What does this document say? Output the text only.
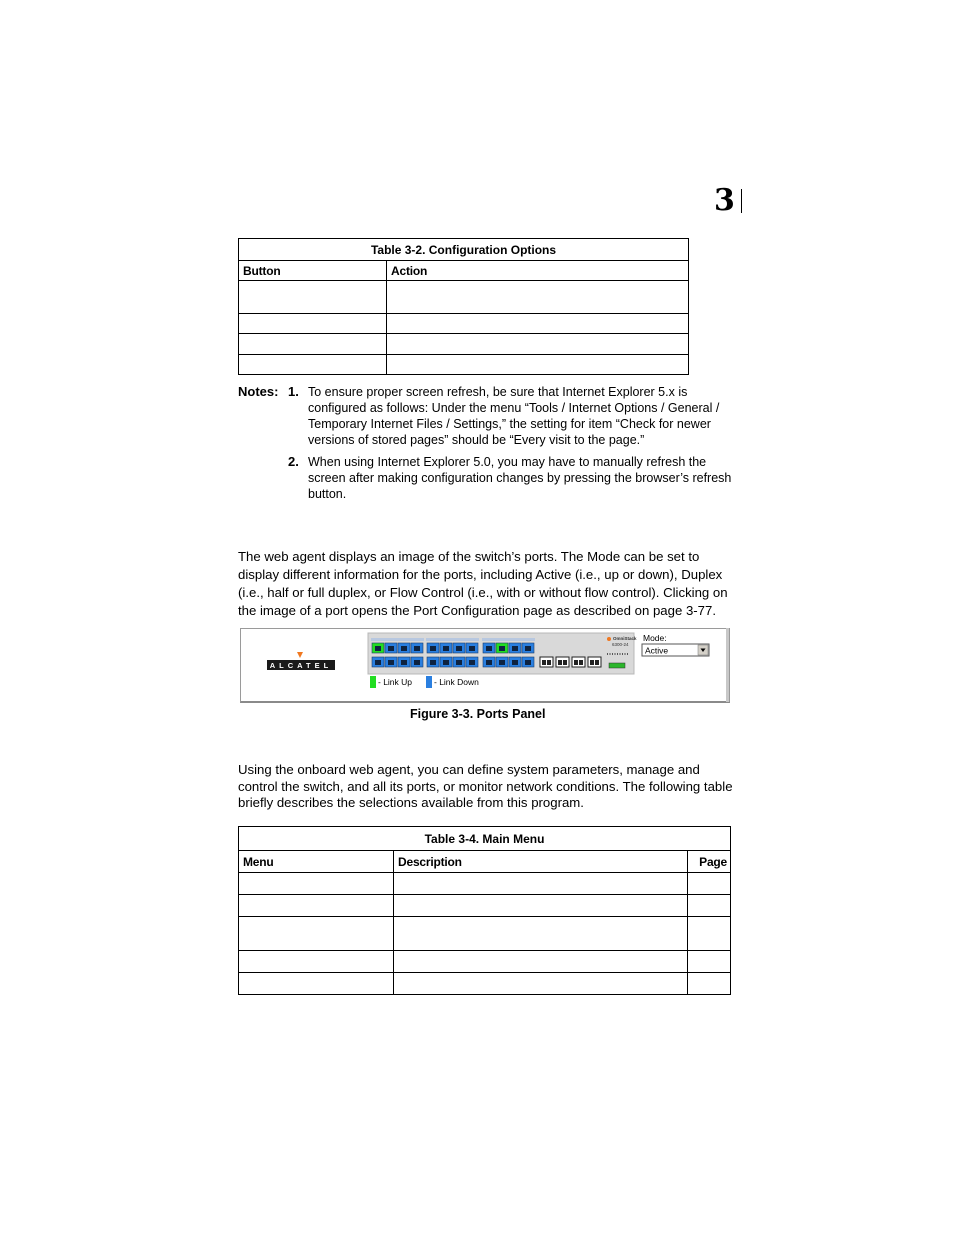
3
Table 3-2. Configuration Options	
Button	Action

Notes: 1. To ensure proper screen refresh, be sure that Internet Explorer 5.x is configured as follows: Under the menu “Tools / Internet Options / General / Temporary Internet Files / Settings,” the setting for item “Check for newer versions of stored pages” should be “Every visit to the page.”
2. When using Internet Explorer 5.0, you may have to manually refresh the screen after making configuration changes by pressing the browser’s refresh button.
The web agent displays an image of the switch’s ports. The Mode can be set to display different information for the ports, including Active (i.e., up or down), Duplex (i.e., half or full duplex, or Flow Control (i.e., with or without flow control). Clicking on the image of a port opens the Port Configuration page as described on page 3-77.
ALCATEL
OmniStack
6300-24
Mode:
Active
- Link Up	- Link Down
Figure 3-3. Ports Panel
Using the onboard web agent, you can define system parameters, manage and control the switch, and all its ports, or monitor network conditions. The following table briefly describes the selections available from this program.
Table 3-4. Main Menu		
Menu	Description	Page
